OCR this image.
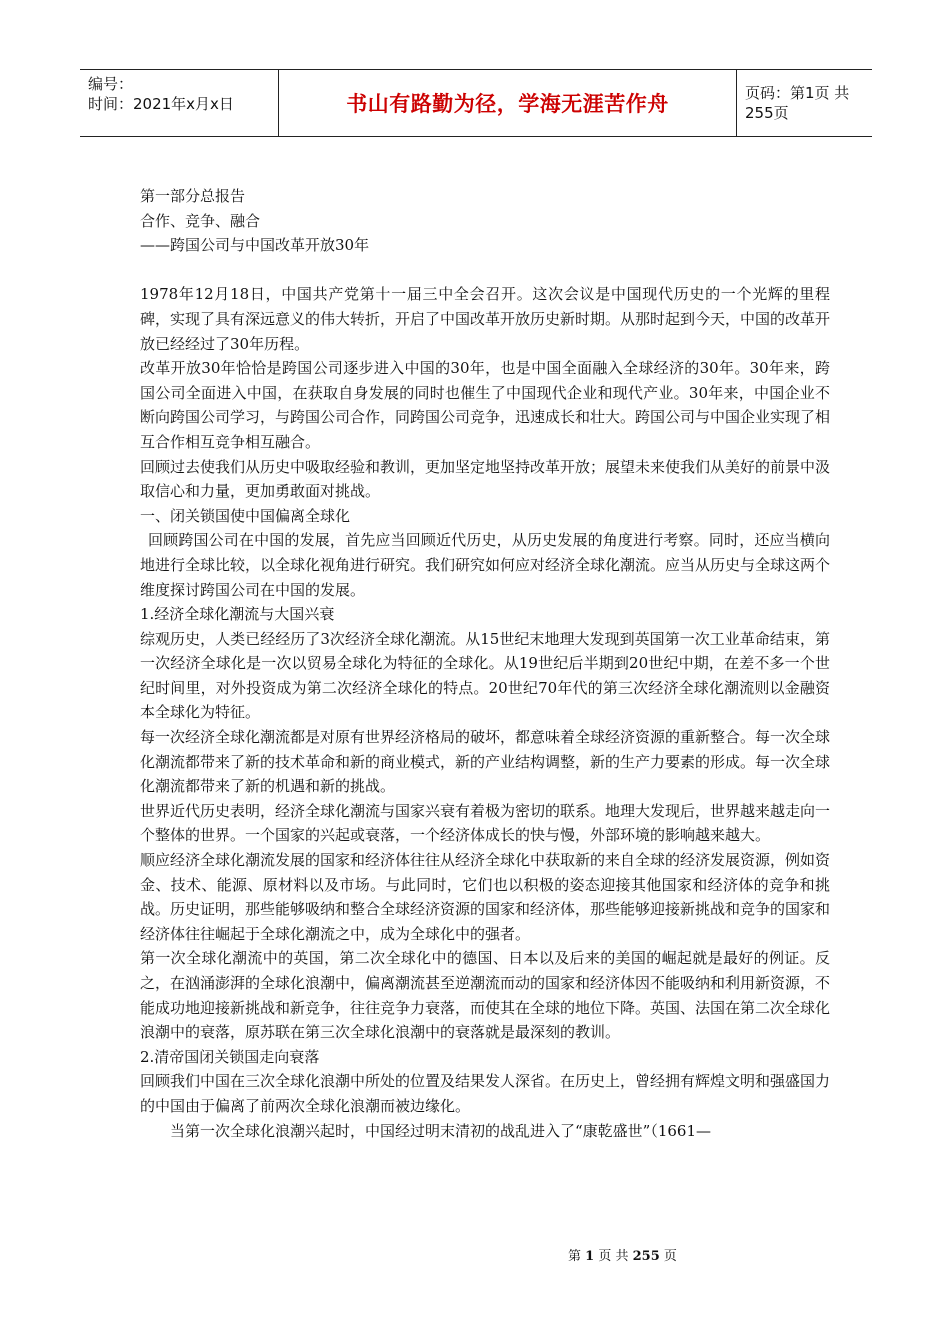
编号：
时间：2021年x月x日	书山有路勤为径，学海无涯苦作舟	页码：第1页 共255页

第一部分总报告

合作、竞争、融合

——跨国公司与中国改革开放30年

1978年12月18日，中国共产党第十一届三中全会召开。这次会议是中国现代历史的一个光辉的里程碑，实现了具有深远意义的伟大转折，开启了中国改革开放历史新时期。从那时起到今天，中国的改革开放已经经过了30年历程。

改革开放30年恰恰是跨国公司逐步进入中国的30年，也是中国全面融入全球经济的30年。30年来，跨国公司全面进入中国，在获取自身发展的同时也催生了中国现代企业和现代产业。30年来，中国企业不断向跨国公司学习，与跨国公司合作，同跨国公司竞争，迅速成长和壮大。跨国公司与中国企业实现了相互合作相互竞争相互融合。

回顾过去使我们从历史中吸取经验和教训，更加坚定地坚持改革开放；展望未来使我们从美好的前景中汲取信心和力量，更加勇敢面对挑战。

一、闭关锁国使中国偏离全球化

回顾跨国公司在中国的发展，首先应当回顾近代历史，从历史发展的角度进行考察。同时，还应当横向地进行全球比较，以全球化视角进行研究。我们研究如何应对经济全球化潮流。应当从历史与全球这两个维度探讨跨国公司在中国的发展。

1.经济全球化潮流与大国兴衰

综观历史，人类已经经历了3次经济全球化潮流。从15世纪末地理大发现到英国第一次工业革命结束，第一次经济全球化是一次以贸易全球化为特征的全球化。从19世纪后半期到20世纪中期，在差不多一个世纪时间里，对外投资成为第二次经济全球化的特点。20世纪70年代的第三次经济全球化潮流则以金融资本全球化为特征。

每一次经济全球化潮流都是对原有世界经济格局的破坏，都意味着全球经济资源的重新整合。每一次全球化潮流都带来了新的技术革命和新的商业模式，新的产业结构调整，新的生产力要素的形成。每一次全球化潮流都带来了新的机遇和新的挑战。

世界近代历史表明，经济全球化潮流与国家兴衰有着极为密切的联系。地理大发现后，世界越来越走向一个整体的世界。一个国家的兴起或衰落，一个经济体成长的快与慢，外部环境的影响越来越大。

顺应经济全球化潮流发展的国家和经济体往往从经济全球化中获取新的来自全球的经济发展资源，例如资金、技术、能源、原材料以及市场。与此同时，它们也以积极的姿态迎接其他国家和经济体的竞争和挑战。历史证明，那些能够吸纳和整合全球经济资源的国家和经济体，那些能够迎接新挑战和竞争的国家和经济体往往崛起于全球化潮流之中，成为全球化中的强者。

第一次全球化潮流中的英国，第二次全球化中的德国、日本以及后来的美国的崛起就是最好的例证。反之，在汹涌澎湃的全球化浪潮中，偏离潮流甚至逆潮流而动的国家和经济体因不能吸纳和利用新资源，不能成功地迎接新挑战和新竞争，往往竞争力衰落，而使其在全球的地位下降。英国、法国在第二次全球化浪潮中的衰落，原苏联在第三次全球化浪潮中的衰落就是最深刻的教训。

2.清帝国闭关锁国走向衰落

回顾我们中国在三次全球化浪潮中所处的位置及结果发人深省。在历史上，曾经拥有辉煌文明和强盛国力的中国由于偏离了前两次全球化浪潮而被边缘化。

当第一次全球化浪潮兴起时，中国经过明末清初的战乱进入了“康乾盛世”（1661—

第 1 页 共 255 页
